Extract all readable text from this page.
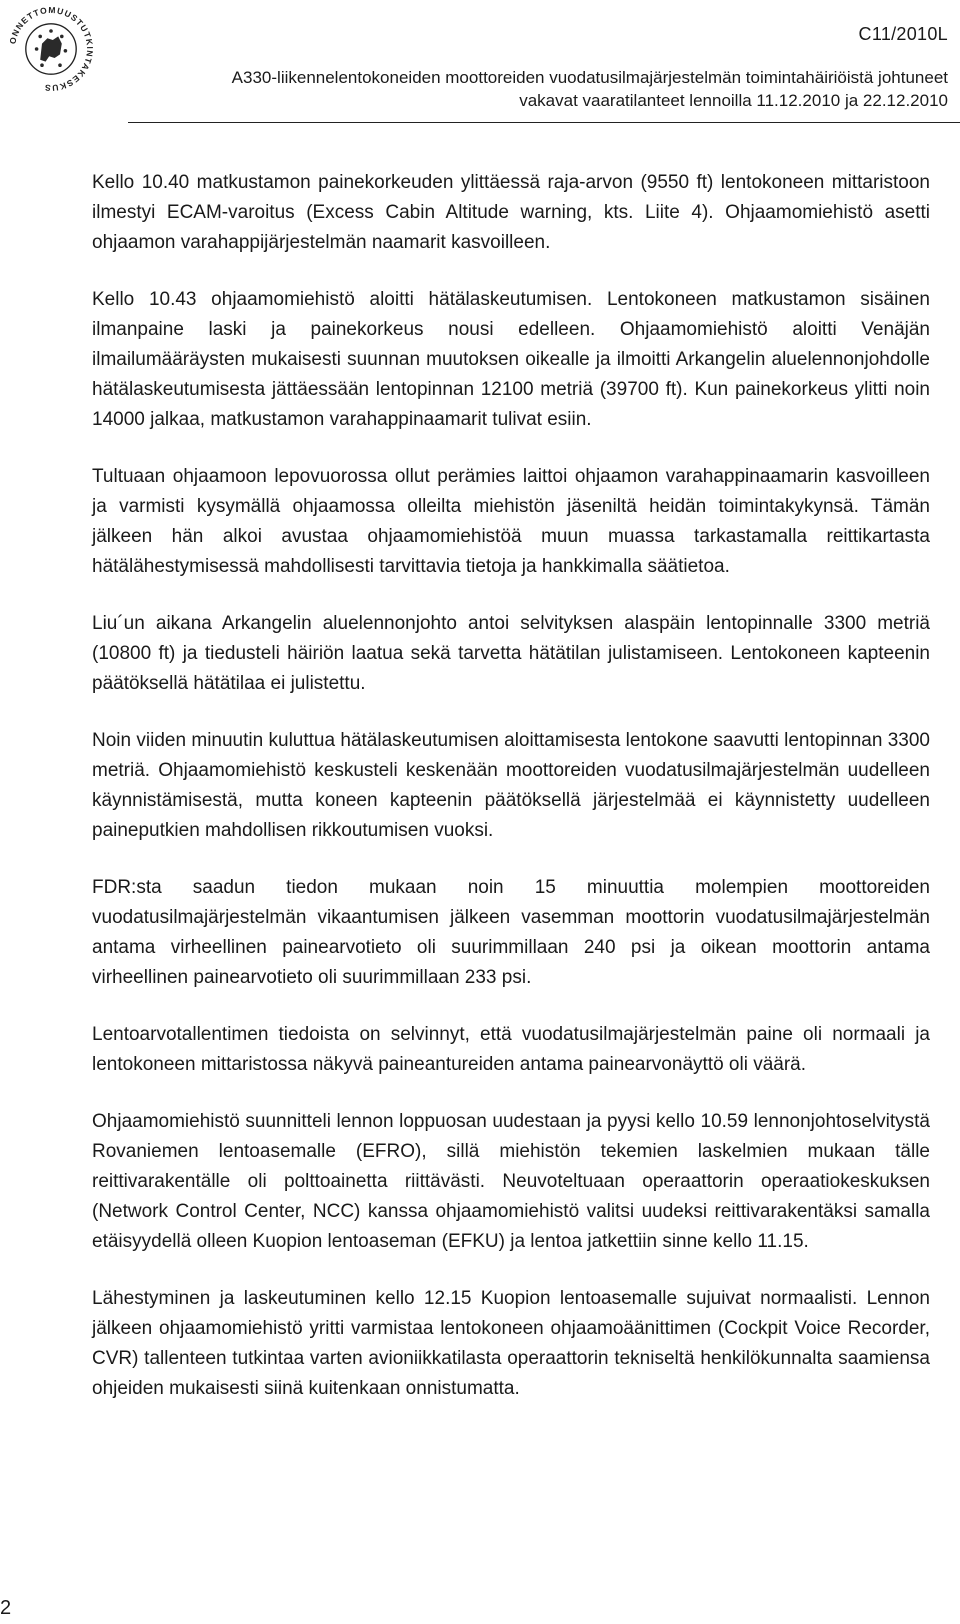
ONNETTOMUUSTUTKINTAKESKUS
C11/2010L
A330-liikennelentokoneiden moottoreiden vuodatusilmajärjestelmän toimintahäiriöistä johtuneet
vakavat vaaratilanteet lennoilla 11.12.2010 ja 22.12.2010

Kello 10.40 matkustamon painekorkeuden ylittäessä raja-arvon (9550 ft) lentokoneen mittaristoon ilmestyi ECAM-varoitus (Excess Cabin Altitude warning, kts. Liite 4). Ohjaamomiehistö asetti ohjaamon varahappijärjestelmän naamarit kasvoilleen.

Kello 10.43 ohjaamomiehistö aloitti hätälaskeutumisen. Lentokoneen matkustamon sisäinen ilmanpaine laski ja painekorkeus nousi edelleen. Ohjaamomiehistö aloitti Venäjän ilmailumääräysten mukaisesti suunnan muutoksen oikealle ja ilmoitti Arkangelin aluelennonjohdolle hätälaskeutumisesta jättäessään lentopinnan 12100 metriä (39700 ft). Kun painekorkeus ylitti noin 14000 jalkaa, matkustamon varahappinaamarit tulivat esiin.

Tultuaan ohjaamoon lepovuorossa ollut perämies laittoi ohjaamon varahappinaamarin kasvoilleen ja varmisti kysymällä ohjaamossa olleilta miehistön jäseniltä heidän toimintakykynsä. Tämän jälkeen hän alkoi avustaa ohjaamomiehistöä muun muassa tarkastamalla reittikartasta hätälähestymisessä mahdollisesti tarvittavia tietoja ja hankkimalla säätietoa.

Liu´un aikana Arkangelin aluelennonjohto antoi selvityksen alaspäin lentopinnalle 3300 metriä (10800 ft) ja tiedusteli häiriön laatua sekä tarvetta hätätilan julistamiseen. Lentokoneen kapteenin päätöksellä hätätilaa ei julistettu.

Noin viiden minuutin kuluttua hätälaskeutumisen aloittamisesta lentokone saavutti lentopinnan 3300 metriä. Ohjaamomiehistö keskusteli keskenään moottoreiden vuodatusilmajärjestelmän uudelleen käynnistämisestä, mutta koneen kapteenin päätöksellä järjestelmää ei käynnistetty uudelleen paineputkien mahdollisen rikkoutumisen vuoksi.

FDR:sta saadun tiedon mukaan noin 15 minuuttia molempien moottoreiden vuodatusilmajärjestelmän vikaantumisen jälkeen vasemman moottorin vuodatusilmajärjestelmän antama virheellinen painearvotieto oli suurimmillaan 240 psi ja oikean moottorin antama virheellinen painearvotieto oli suurimmillaan 233 psi.

Lentoarvotallentimen tiedoista on selvinnyt, että vuodatusilmajärjestelmän paine oli normaali ja lentokoneen mittaristossa näkyvä paineantureiden antama painearvonäyttö oli väärä.

Ohjaamomiehistö suunnitteli lennon loppuosan uudestaan ja pyysi kello 10.59 lennonjohtoselvitystä Rovaniemen lentoasemalle (EFRO), sillä miehistön tekemien laskelmien mukaan tälle reittivarakentälle oli polttoainetta riittävästi. Neuvoteltuaan operaattorin operaatiokeskuksen (Network Control Center, NCC) kanssa ohjaamomiehistö valitsi uudeksi reittivarakentäksi samalla etäisyydellä olleen Kuopion lentoaseman (EFKU) ja lentoa jatkettiin sinne kello 11.15.

Lähestyminen ja laskeutuminen kello 12.15 Kuopion lentoasemalle sujuivat normaalisti. Lennon jälkeen ohjaamomiehistö yritti varmistaa lentokoneen ohjaamoäänittimen (Cockpit Voice Recorder, CVR) tallenteen tutkintaa varten avioniikkatilasta operaattorin tekniseltä henkilökunnalta saamiensa ohjeiden mukaisesti siinä kuitenkaan onnistumatta.

2
